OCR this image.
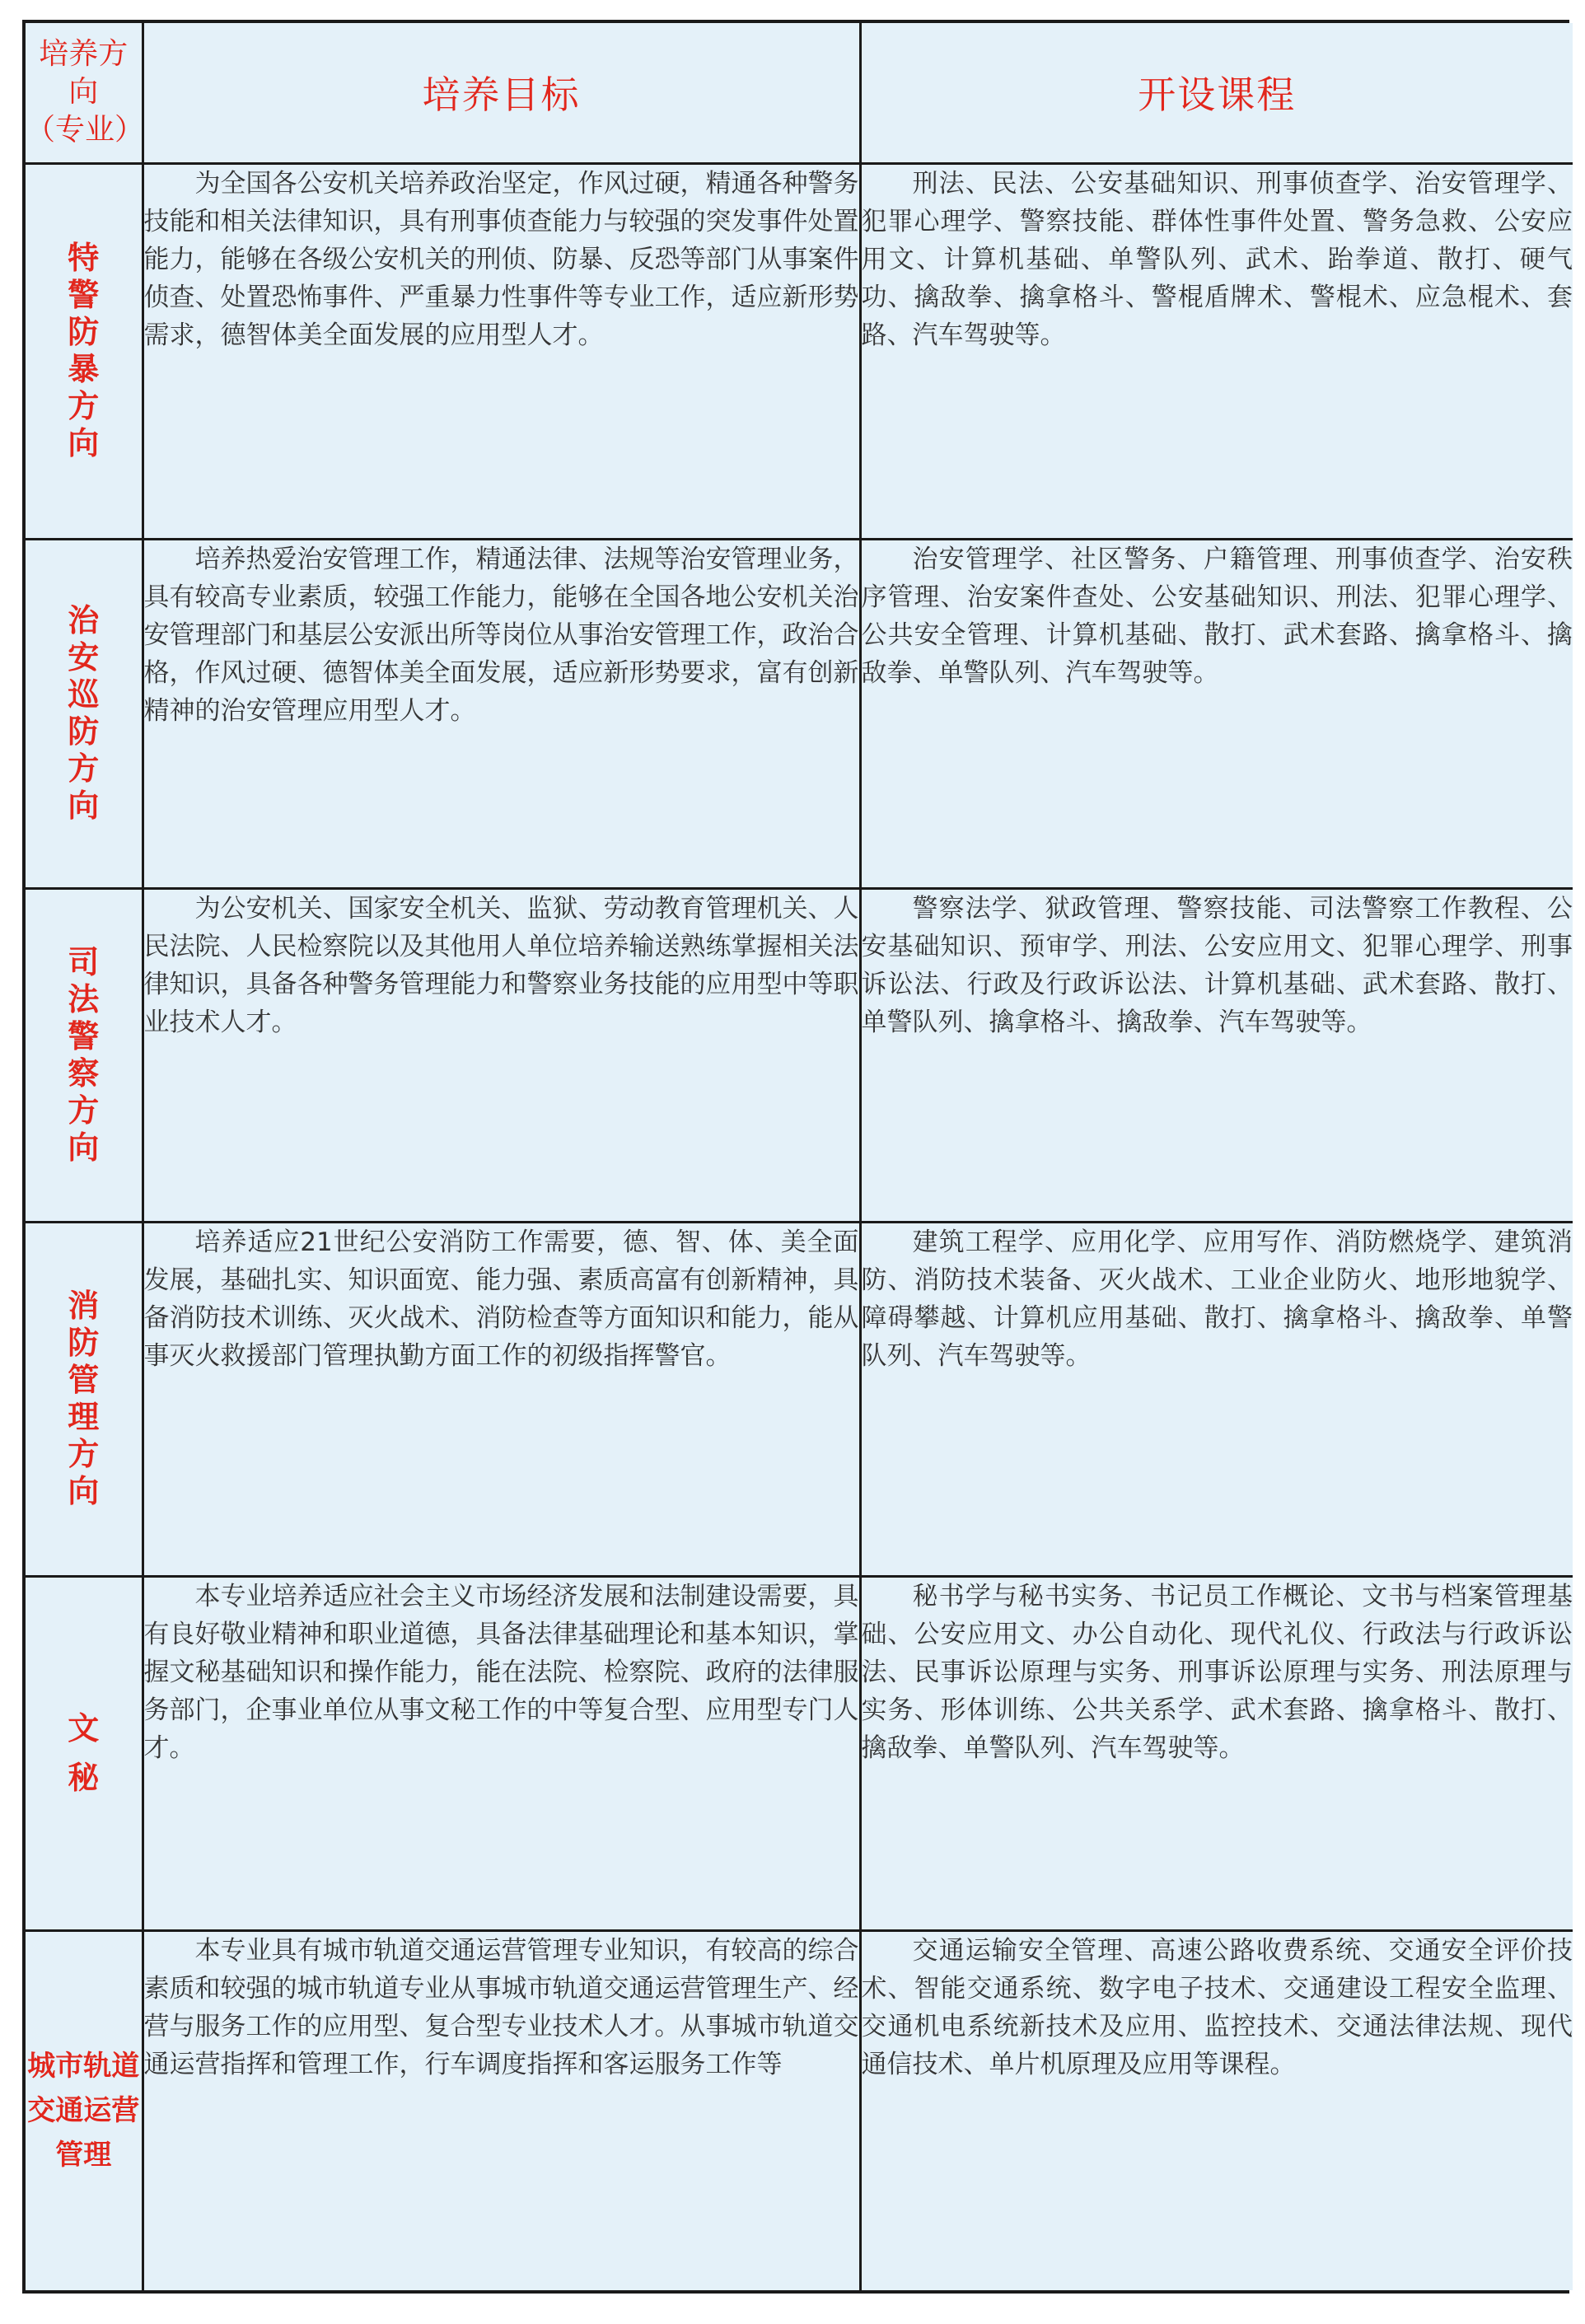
培养方向
（专业）	培养目标	开设课程
特警防暴方向	为全国各公安机关培养政治坚定，作风过硬，精通各种警务技能和相关法律知识，具有刑事侦查能力与较强的突发事件处置能力，能够在各级公安机关的刑侦、防暴、反恐等部门从事案件侦查、处置恐怖事件、严重暴力性事件等专业工作，适应新形势需求，德智体美全面发展的应用型人才。	刑法、民法、公安基础知识、刑事侦查学、治安管理学、犯罪心理学、警察技能、群体性事件处置、警务急救、公安应用文、计算机基础、单警队列、武术、跆拳道、散打、硬气功、擒敌拳、擒拿格斗、警棍盾牌术、警棍术、应急棍术、套路、汽车驾驶等。

治安巡防方向	培养热爱治安管理工作，精通法律、法规等治安管理业务，具有较高专业素质，较强工作能力，能够在全国各地公安机关治安管理部门和基层公安派出所等岗位从事治安管理工作，政治合格，作风过硬、德智体美全面发展，适应新形势要求，富有创新精神的治安管理应用型人才。	治安管理学、社区警务、户籍管理、刑事侦查学、治安秩序管理、治安案件查处、公安基础知识、刑法、犯罪心理学、公共安全管理、计算机基础、散打、武术套路、擒拿格斗、擒敌拳、单警队列、汽车驾驶等。

司法警察方向	为公安机关、国家安全机关、监狱、劳动教育管理机关、人民法院、人民检察院以及其他用人单位培养输送熟练掌握相关法律知识，具备各种警务管理能力和警察业务技能的应用型中等职业技术人才。	警察法学、狱政管理、警察技能、司法警察工作教程、公安基础知识、预审学、刑法、公安应用文、犯罪心理学、刑事诉讼法、行政及行政诉讼法、计算机基础、武术套路、散打、单警队列、擒拿格斗、擒敌拳、汽车驾驶等。

消防管理方向	培养适应21世纪公安消防工作需要，德、智、体、美全面发展，基础扎实、知识面宽、能力强、素质高富有创新精神，具备消防技术训练、灭火战术、消防检查等方面知识和能力，能从事灭火救援部门管理执勤方面工作的初级指挥警官。	建筑工程学、应用化学、应用写作、消防燃烧学、建筑消防、消防技术装备、灭火战术、工业企业防火、地形地貌学、障碍攀越、计算机应用基础、散打、擒拿格斗、擒敌拳、单警队列、汽车驾驶等。

文秘	本专业培养适应社会主义市场经济发展和法制建设需要，具有良好敬业精神和职业道德，具备法律基础理论和基本知识，掌握文秘基础知识和操作能力，能在法院、检察院、政府的法律服务部门，企事业单位从事文秘工作的中等复合型、应用型专门人才。	秘书学与秘书实务、书记员工作概论、文书与档案管理基础、公安应用文、办公自动化、现代礼仪、行政法与行政诉讼法、民事诉讼原理与实务、刑事诉讼原理与实务、刑法原理与实务、形体训练、公共关系学、武术套路、擒拿格斗、散打、擒敌拳、单警队列、汽车驾驶等。

城市轨道
交通运营
管理	本专业具有城市轨道交通运营管理专业知识，有较高的综合素质和较强的城市轨道专业从事城市轨道交通运营管理生产、经营与服务工作的应用型、复合型专业技术人才。从事城市轨道交通运营指挥和管理工作，行车调度指挥和客运服务工作等	交通运输安全管理、高速公路收费系统、交通安全评价技术、智能交通系统、数字电子技术、交通建设工程安全监理、交通机电系统新技术及应用、监控技术、交通法律法规、现代通信技术、单片机原理及应用等课程。
